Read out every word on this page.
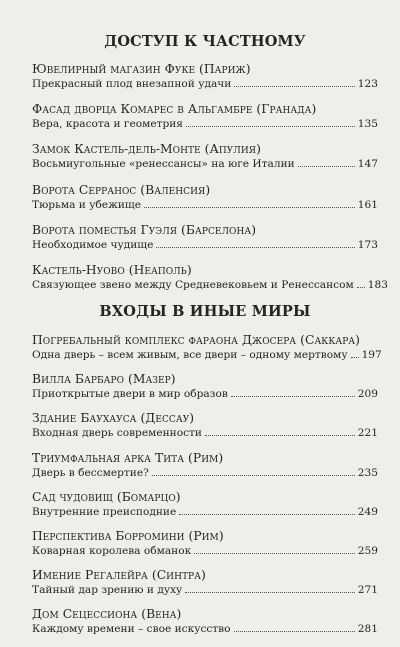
ДОСТУП К ЧАСТНОМУ
Ювелирный магазин Фуке (Париж)
Прекрасный плод внезапной удачи	123
Фасад дворца Комарес в Альгамбре (Гранада)
Вера, красота и геометрия	135
Замок Кастель-дель-Монте (Апулия)
Восьмиугольные «ренессансы» на юге Италии	147
Ворота Серранос (Валенсия)
Тюрьма и убежище	161
Ворота поместья Гуэля (Барселона)
Необходимое чудище	173
Кастель-Нуово (Неаполь)
Связующее звено между Средневековьем и Ренессансом 183
ВХОДЫ В ИНЫЕ МИРЫ
Погребальный комплекс фараона Джосера (Саккара)
Одна дверь – всем живым, все двери – одному мертвому 197
Вилла Барбаро (Мазер)
Приоткрытые двери в мир образов	209
Здание Баухауса (Дессау)
Входная дверь современности	221
Триумфальная арка Тита (Рим)
Дверь в бессмертие?	235
Сад чудовищ (Бомарцо)
Внутренние преисподние	249
Перспектива Борромини (Рим)
Коварная королева обманок	259
Имение Регалейра (Синтра)
Тайный дар зрению и духу	271
Дом Сецессиона (Вена)
Каждому времени – свое искусство	281
